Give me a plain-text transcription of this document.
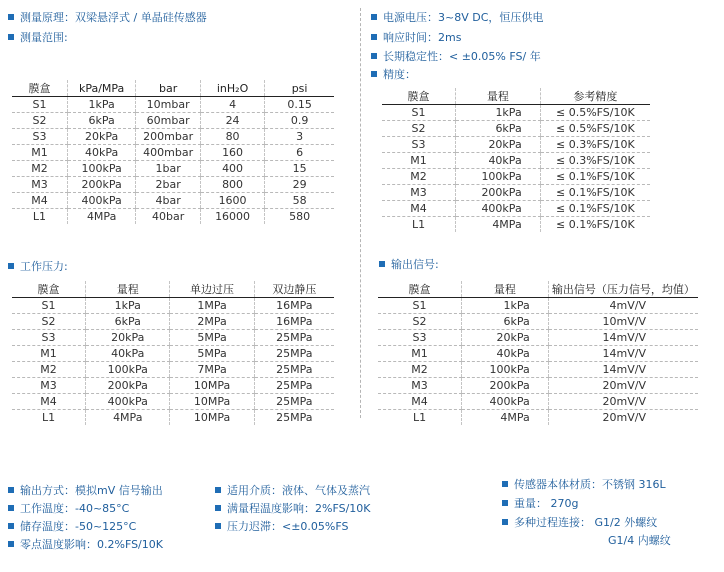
测量原理：双梁悬浮式 / 单晶硅传感器
测量范围:
电源电压：3~8V DC，恒压供电
响应时间：2ms
长期稳定性：< ±0.05% FS/ 年
精度：
膜盒	kPa/MPa	bar	inH₂O	psi
S1	1kPa	10mbar	4	0.15
S2	6kPa	60mbar	24	0.9
S3	20kPa	200mbar	80	3
M1	40kPa	400mbar	160	6
M2	100kPa	1bar	400	15
M3	200kPa	2bar	800	29
M4	400kPa	4bar	1600	58
L1	4MPa	40bar	16000	580
膜盒	量程	参考精度
S1	1kPa	≤ 0.5%FS/10K
S2	6kPa	≤ 0.5%FS/10K
S3	20kPa	≤ 0.3%FS/10K
M1	40kPa	≤ 0.3%FS/10K
M2	100kPa	≤ 0.1%FS/10K
M3	200kPa	≤ 0.1%FS/10K
M4	400kPa	≤ 0.1%FS/10K
L1	4MPa	≤ 0.1%FS/10K
工作压力:
膜盒	量程	单边过压	双边静压
S1	1kPa	1MPa	16MPa
S2	6kPa	2MPa	16MPa
S3	20kPa	5MPa	25MPa
M1	40kPa	5MPa	25MPa
M2	100kPa	7MPa	25MPa
M3	200kPa	10MPa	25MPa
M4	400kPa	10MPa	25MPa
L1	4MPa	10MPa	25MPa
输出信号:
膜盒	量程	输出信号（压力信号，均值）
S1	1kPa	4mV/V
S2	6kPa	10mV/V
S3	20kPa	14mV/V
M1	40kPa	14mV/V
M2	100kPa	14mV/V
M3	200kPa	20mV/V
M4	400kPa	20mV/V
L1	4MPa	20mV/V
输出方式：模拟mV 信号输出
工作温度：-40~85°C
储存温度：-50~125°C
零点温度影响：0.2%FS/10K
适用介质：液体、气体及蒸汽
满量程温度影响：2%FS/10K
压力迟滞：<±0.05%FS
传感器本体材质：不锈钢 316L
重量： 270g
多种过程连接： G1/2 外螺纹
G1/4 内螺纹
